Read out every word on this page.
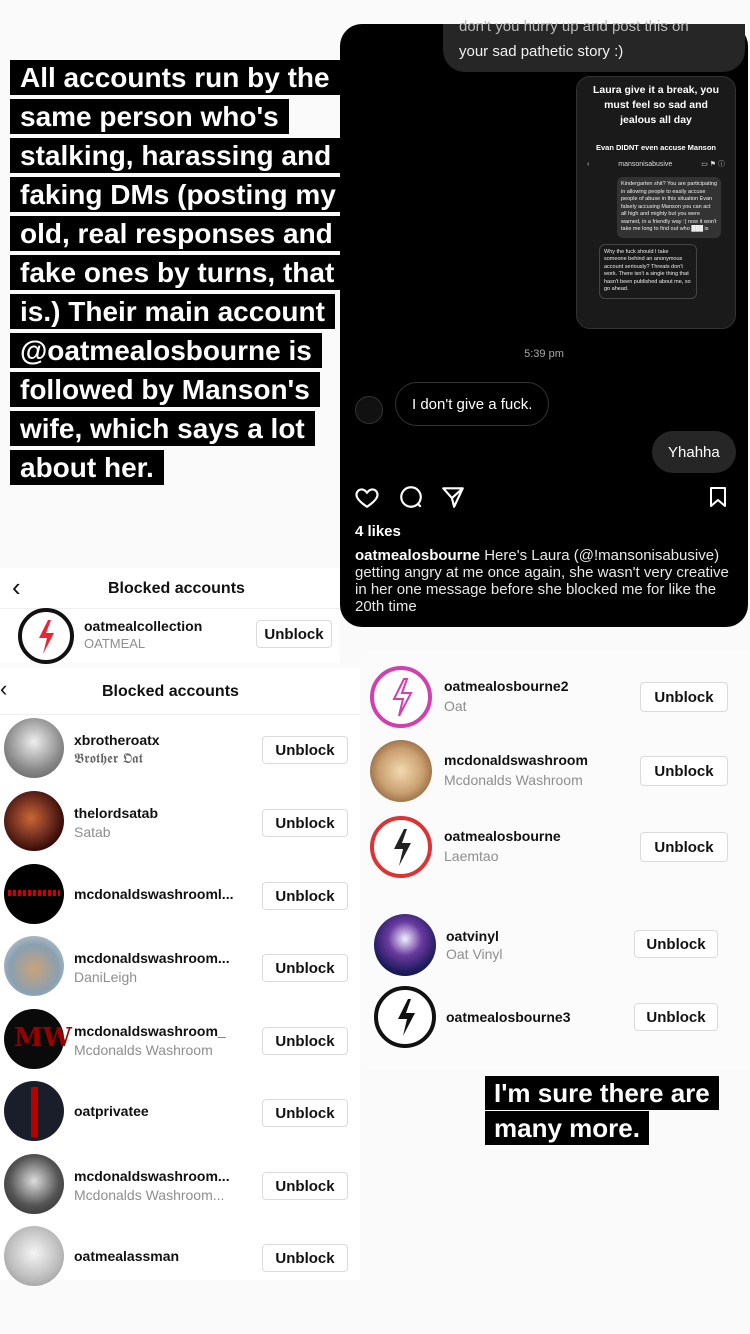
don't you hurry up and post this on
your sad pathetic story :)
Laura give it a break, you must feel so sad and jealous all day
Evan DIDNT even accuse Manson
‹	mansonisabusive	▭ ⚑ ⓘ
Kindergarten shit? You are participating in allowing people to easily accuse people of abuse in this situation Evan falsely accusing Manson you can act all high and mighty but you were warned, in a friendly way :) now it won't take me long to find out who ███ is
Why the fuck should I take someone behind an anonymous account seriously? Threats don't work. There isn't a single thing that hasn't been published about me, so go ahead.
5:39 pm
I don't give a fuck.
Yhahha
4 likes
oatmealosbourne Here's Laura (@!mansonisabusive) getting angry at me once again, she wasn't very creative in her one message before she blocked me for like the 20th time
‹	Blocked accounts
oatmealcollection
OATMEAL
Unblock
‹	Blocked accounts
xbrotheroatx
𝕭𝖗𝖔𝖙𝖍𝖊𝖗 𝕺𝖆𝖙
Unblock
thelordsatab
Satab
Unblock
mcdonaldswashrooml...	Unblock
mcdonaldswashroom...
DaniLeigh
Unblock
MW mcdonaldswashroom_
Mcdonalds Washroom
Unblock
oatprivatee	Unblock
mcdonaldswashroom...
Mcdonalds Washroom...
Unblock
oatmealassman	Unblock
oatmealosbourne2
Oat
Unblock
mcdonaldswashroom
Mcdonalds Washroom
Unblock
oatmealosbourne
Laemtao
Unblock
oatvinyl
Oat Vinyl
Unblock
oatmealosbourne3	Unblock
All accounts run by the same person who's stalking, harassing and faking DMs (posting my old, real responses and fake ones by turns, that is.) Their main account @oatmealosbourne is followed by Manson's wife, which says a lot about her.
I'm sure there are many more.
